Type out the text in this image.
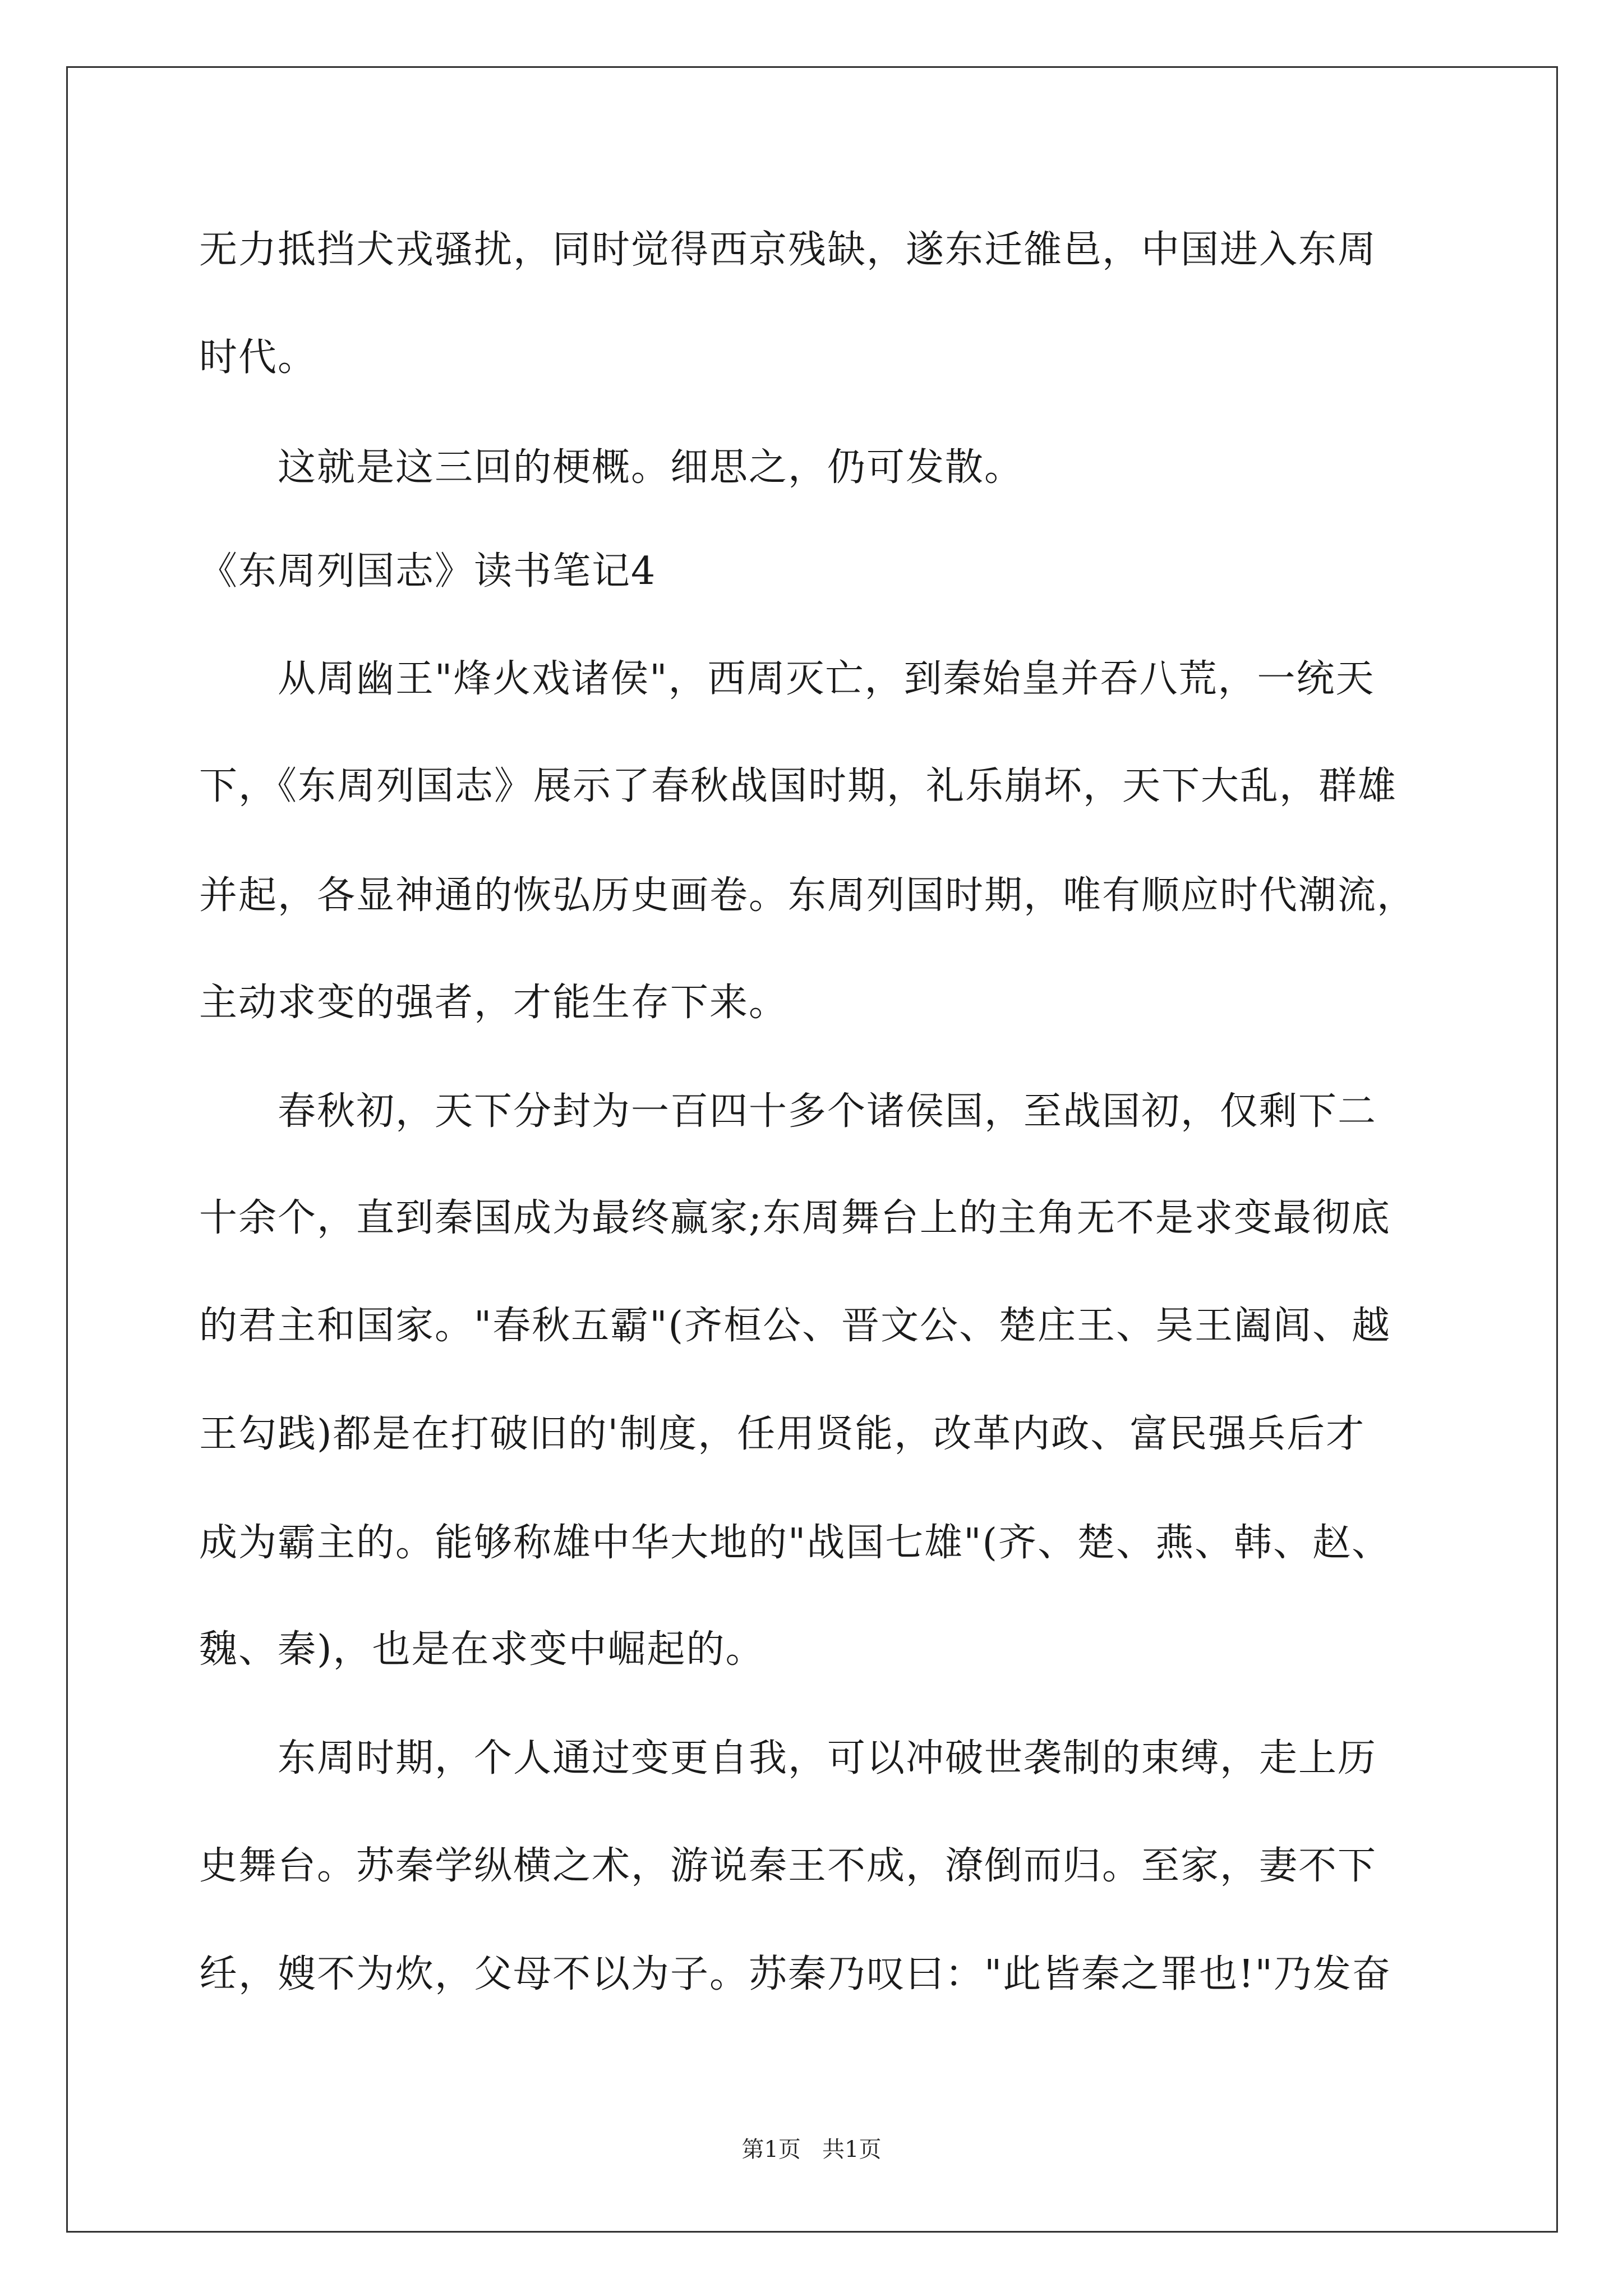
无力抵挡犬戎骚扰，同时觉得西京残缺，遂东迁雒邑，中国进入东周
时代。
这就是这三回的梗概。细思之，仍可发散。
《东周列国志》读书笔记4
从周幽王"烽火戏诸侯"，西周灭亡，到秦始皇并吞八荒，一统天
下，《东周列国志》展示了春秋战国时期，礼乐崩坏，天下大乱，群雄
并起，各显神通的恢弘历史画卷。东周列国时期，唯有顺应时代潮流，
主动求变的强者，才能生存下来。
春秋初，天下分封为一百四十多个诸侯国，至战国初，仅剩下二
十余个，直到秦国成为最终赢家;东周舞台上的主角无不是求变最彻底
的君主和国家。"春秋五霸"(齐桓公、晋文公、楚庄王、吴王阖闾、越
王勾践)都是在打破旧的'制度，任用贤能，改革内政、富民强兵后才
成为霸主的。能够称雄中华大地的"战国七雄"(齐、楚、燕、韩、赵、
魏、秦)，也是在求变中崛起的。
东周时期，个人通过变更自我，可以冲破世袭制的束缚，走上历
史舞台。苏秦学纵横之术，游说秦王不成，潦倒而归。至家，妻不下
纴，嫂不为炊，父母不以为子。苏秦乃叹曰："此皆秦之罪也!"乃发奋
第1页   共1页
